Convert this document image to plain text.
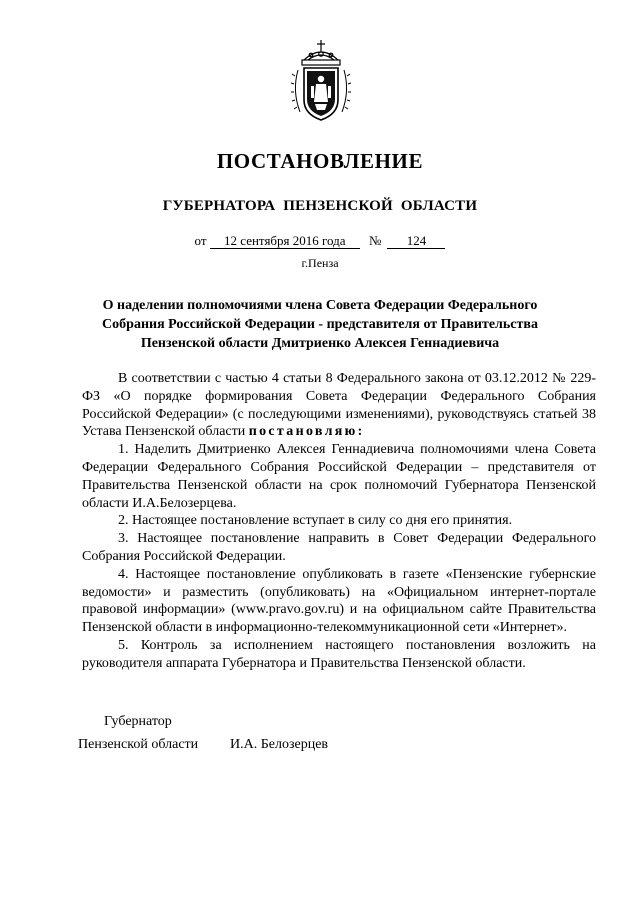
ПОСТАНОВЛЕНИЕ
ГУБЕРНАТОРА ПЕНЗЕНСКОЙ ОБЛАСТИ
от 12 сентября 2016 года № 124
г.Пенза
О наделении полномочиями члена Совета Федерации Федерального
Собрания Российской Федерации - представителя от Правительства
Пензенской области Дмитриенко Алексея Геннадиевича

В соответствии с частью 4 статьи 8 Федерального закона от 03.12.2012 № 229-ФЗ «О порядке формирования Совета Федерации Федерального Собрания Российской Федерации» (с последующими изменениями), руководствуясь статьей 38 Устава Пензенской области постановляю:

1. Наделить Дмитриенко Алексея Геннадиевича полномочиями члена Совета Федерации Федерального Собрания Российской Федерации – представителя от Правительства Пензенской области на срок полномочий Губернатора Пензенской области И.А.Белозерцева.

2. Настоящее постановление вступает в силу со дня его принятия.

3. Настоящее постановление направить в Совет Федерации Федерального Собрания Российской Федерации.

4. Настоящее постановление опубликовать в газете «Пензенские губернские ведомости» и разместить (опубликовать) на «Официальном интернет-портале правовой информации» (www.pravo.gov.ru) и на официальном сайте Правительства Пензенской области в информационно-телекоммуникационной сети «Интернет».

5. Контроль за исполнением настоящего постановления возложить на руководителя аппарата Губернатора и Правительства Пензенской области.

Губернатор
Пензенской области И.А. Белозерцев
